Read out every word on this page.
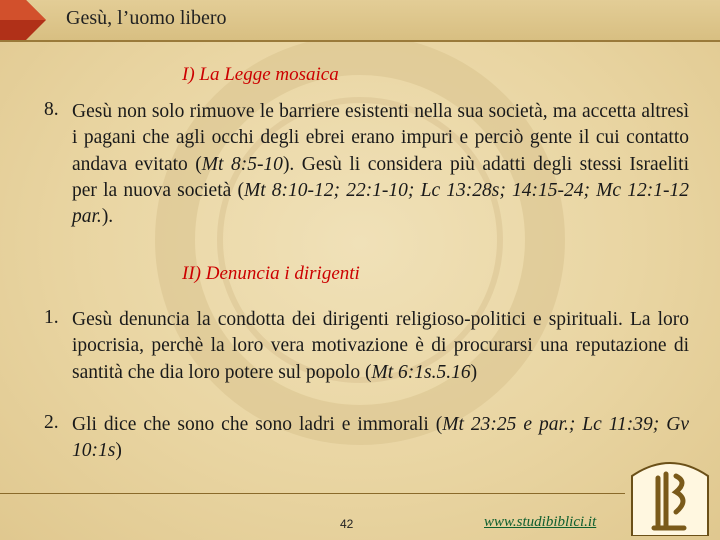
Gesù, l’uomo libero
I) La Legge mosaica
8. Gesù non solo rimuove le barriere esistenti nella sua società, ma accetta altresì i pagani che agli occhi degli ebrei erano impuri e perciò gente il cui contatto andava evitato (Mt 8:5-10). Gesù li considera più adatti degli stessi Israeliti per la nuova società (Mt 8:10-12; 22:1-10; Lc 13:28s; 14:15-24; Mc 12:1-12 par.).
II) Denuncia i dirigenti
1. Gesù denuncia la condotta dei dirigenti religioso-politici e spirituali. La loro ipocrisia, perchè la loro vera motivazione è di procurarsi una reputazione di santità che dia loro potere sul popolo (Mt 6:1s.5.16)
2. Gli dice che sono che sono ladri e immorali (Mt 23:25 e par.; Lc 11:39; Gv 10:1s)
42	www.studibiblici.it
